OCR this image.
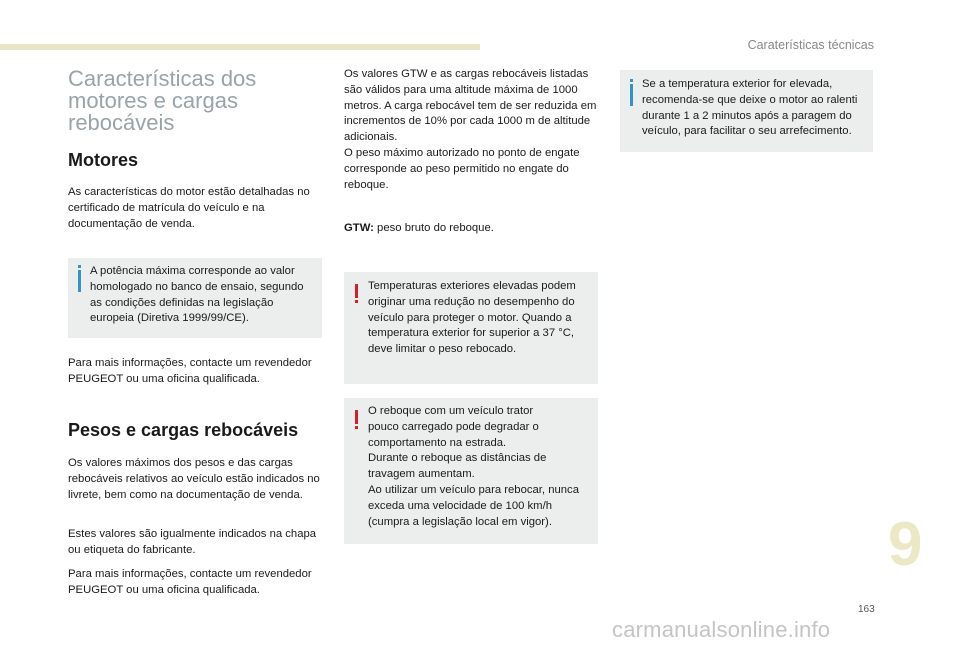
Caraterísticas técnicas
Características dos motores e cargas rebocáveis
Motores

As características do motor estão detalhadas no certificado de matrícula do veículo e na documentação de venda.

A potência máxima corresponde ao valor homologado no banco de ensaio, segundo as condições definidas na legislação europeia (Diretiva 1999/99/CE).

Para mais informações, contacte um revendedor PEUGEOT ou uma oficina qualificada.

Pesos e cargas rebocáveis

Os valores máximos dos pesos e das cargas rebocáveis relativos ao veículo estão indicados no livrete, bem como na documentação de venda.

Estes valores são igualmente indicados na chapa ou etiqueta do fabricante.

Para mais informações, contacte um revendedor PEUGEOT ou uma oficina qualificada.

Os valores GTW e as cargas rebocáveis listadas são válidos para uma altitude máxima de 1000 metros. A carga rebocável tem de ser reduzida em incrementos de 10% por cada 1000 m de altitude adicionais.
O peso máximo autorizado no ponto de engate corresponde ao peso permitido no engate do reboque.

GTW: peso bruto do reboque.

Temperaturas exteriores elevadas podem originar uma redução no desempenho do veículo para proteger o motor. Quando a temperatura exterior for superior a 37 °C, deve limitar o peso rebocado.

O reboque com um veículo trator
pouco carregado pode degradar o comportamento na estrada.
Durante o reboque as distâncias de travagem aumentam.
Ao utilizar um veículo para rebocar, nunca exceda uma velocidade de 100 km/h (cumpra a legislação local em vigor).

Se a temperatura exterior for elevada, recomenda-se que deixe o motor ao ralenti durante 1 a 2 minutos após a paragem do veículo, para facilitar o seu arrefecimento.

9
163
carmanualsonline.info
